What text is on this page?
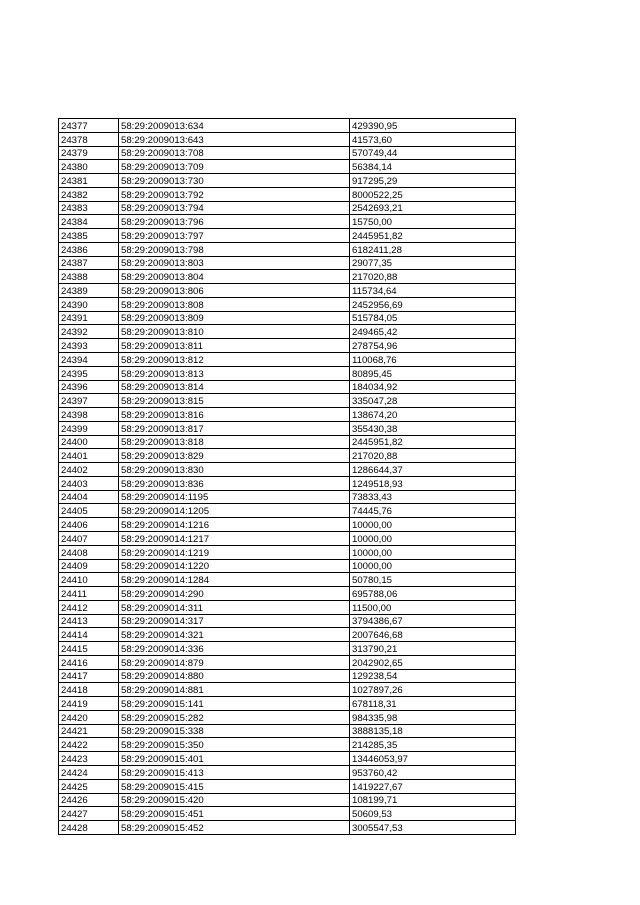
24377	58:29:2009013:634	429390,95
24378	58:29:2009013:643	41573,60
24379	58:29:2009013:708	570749,44
24380	58:29:2009013:709	56384,14
24381	58:29:2009013:730	917295,29
24382	58:29:2009013:792	8000522,25
24383	58:29:2009013:794	2542693,21
24384	58:29:2009013:796	15750,00
24385	58:29:2009013:797	2445951,82
24386	58:29:2009013:798	6182411,28
24387	58:29:2009013:803	29077,35
24388	58:29:2009013:804	217020,88
24389	58:29:2009013:806	115734,64
24390	58:29:2009013:808	2452956,69
24391	58:29:2009013:809	515784,05
24392	58:29:2009013:810	249465,42
24393	58:29:2009013:811	278754,96
24394	58:29:2009013:812	110068,76
24395	58:29:2009013:813	80895,45
24396	58:29:2009013:814	184034,92
24397	58:29:2009013:815	335047,28
24398	58:29:2009013:816	138674,20
24399	58:29:2009013:817	355430,38
24400	58:29:2009013:818	2445951,82
24401	58:29:2009013:829	217020,88
24402	58:29:2009013:830	1286644,37
24403	58:29:2009013:836	1249518,93
24404	58:29:2009014:1195	73833,43
24405	58:29:2009014:1205	74445,76
24406	58:29:2009014:1216	10000,00
24407	58:29:2009014:1217	10000,00
24408	58:29:2009014:1219	10000,00
24409	58:29:2009014:1220	10000,00
24410	58:29:2009014:1284	50780,15
24411	58:29:2009014:290	695788,06
24412	58:29:2009014:311	11500,00
24413	58:29:2009014:317	3794386,67
24414	58:29:2009014:321	2007646,68
24415	58:29:2009014:336	313790,21
24416	58:29:2009014:879	2042902,65
24417	58:29:2009014:880	129238,54
24418	58:29:2009014:881	1027897,26
24419	58:29:2009015:141	678118,31
24420	58:29:2009015:282	984335,98
24421	58:29:2009015:338	3888135,18
24422	58:29:2009015:350	214285,35
24423	58:29:2009015:401	13446053,97
24424	58:29:2009015:413	953760,42
24425	58:29:2009015:415	1419227,67
24426	58:29:2009015:420	108199,71
24427	58:29:2009015:451	50609,53
24428	58:29:2009015:452	3005547,53
